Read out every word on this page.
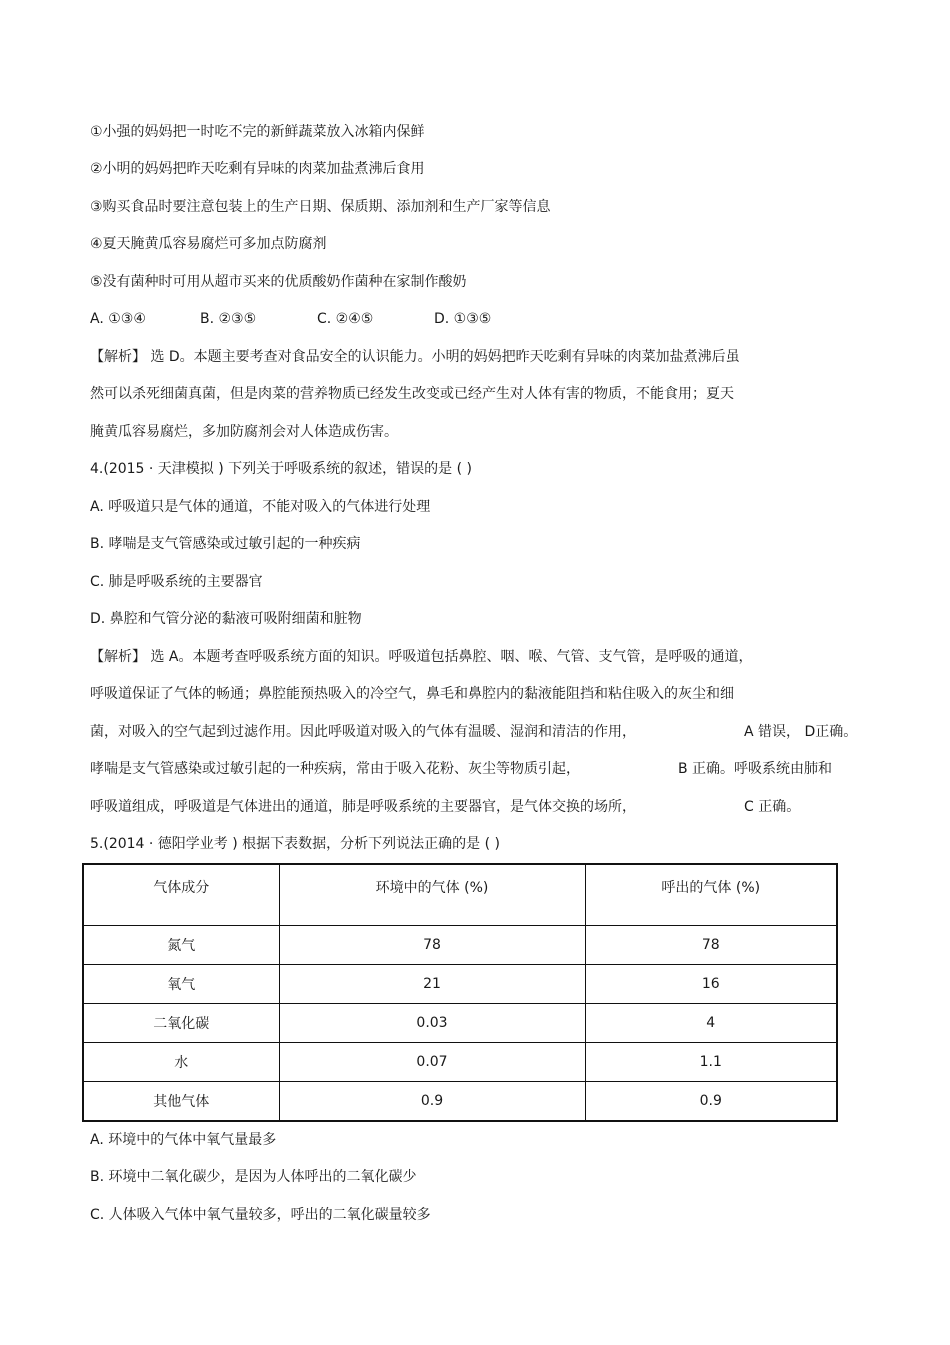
①小强的妈妈把一时吃不完的新鲜蔬菜放入冰箱内保鲜
②小明的妈妈把昨天吃剩有异味的肉菜加盐煮沸后食用
③购买食品时要注意包装上的生产日期、保质期、添加剂和生产厂家等信息
④夏天腌黄瓜容易腐烂可多加点防腐剂
⑤没有菌种时可用从超市买来的优质酸奶作菌种在家制作酸奶
A. ①③④	B. ②③⑤	C. ②④⑤	D. ①③⑤
【解析】 选 D。本题主要考查对食品安全的认识能力。小明的妈妈把昨天吃剩有异味的肉菜加盐煮沸后虽
然可以杀死细菌真菌，但是肉菜的营养物质已经发生改变或已经产生对人体有害的物质，不能食用；夏天
腌黄瓜容易腐烂，多加防腐剂会对人体造成伤害。
4.(2015 · 天津模拟 ) 下列关于呼吸系统的叙述，错误的是 ( )
A. 呼吸道只是气体的通道，不能对吸入的气体进行处理
B. 哮喘是支气管感染或过敏引起的一种疾病
C. 肺是呼吸系统的主要器官
D. 鼻腔和气管分泌的黏液可吸附细菌和脏物
【解析】 选 A。本题考查呼吸系统方面的知识。呼吸道包括鼻腔、咽、喉、气管、支气管，是呼吸的通道，
呼吸道保证了气体的畅通；鼻腔能预热吸入的冷空气，鼻毛和鼻腔内的黏液能阻挡和粘住吸入的灰尘和细
菌，对吸入的空气起到过滤作用。因此呼吸道对吸入的气体有温暖、湿润和清洁的作用，	A 错误， D正确。
哮喘是支气管感染或过敏引起的一种疾病，常由于吸入花粉、灰尘等物质引起，	B 正确。呼吸系统由肺和
呼吸道组成，呼吸道是气体进出的通道，肺是呼吸系统的主要器官，是气体交换的场所，	C 正确。
5.(2014 · 德阳学业考 ) 根据下表数据，分析下列说法正确的是 ( )
气体成分	环境中的气体 (%)	呼出的气体 (%)
氮气	78	78
氧气	21	16
二氧化碳	0.03	4
水	0.07	1.1
其他气体	0.9	0.9
A. 环境中的气体中氧气量最多
B. 环境中二氧化碳少，是因为人体呼出的二氧化碳少
C. 人体吸入气体中氧气量较多，呼出的二氧化碳量较多
